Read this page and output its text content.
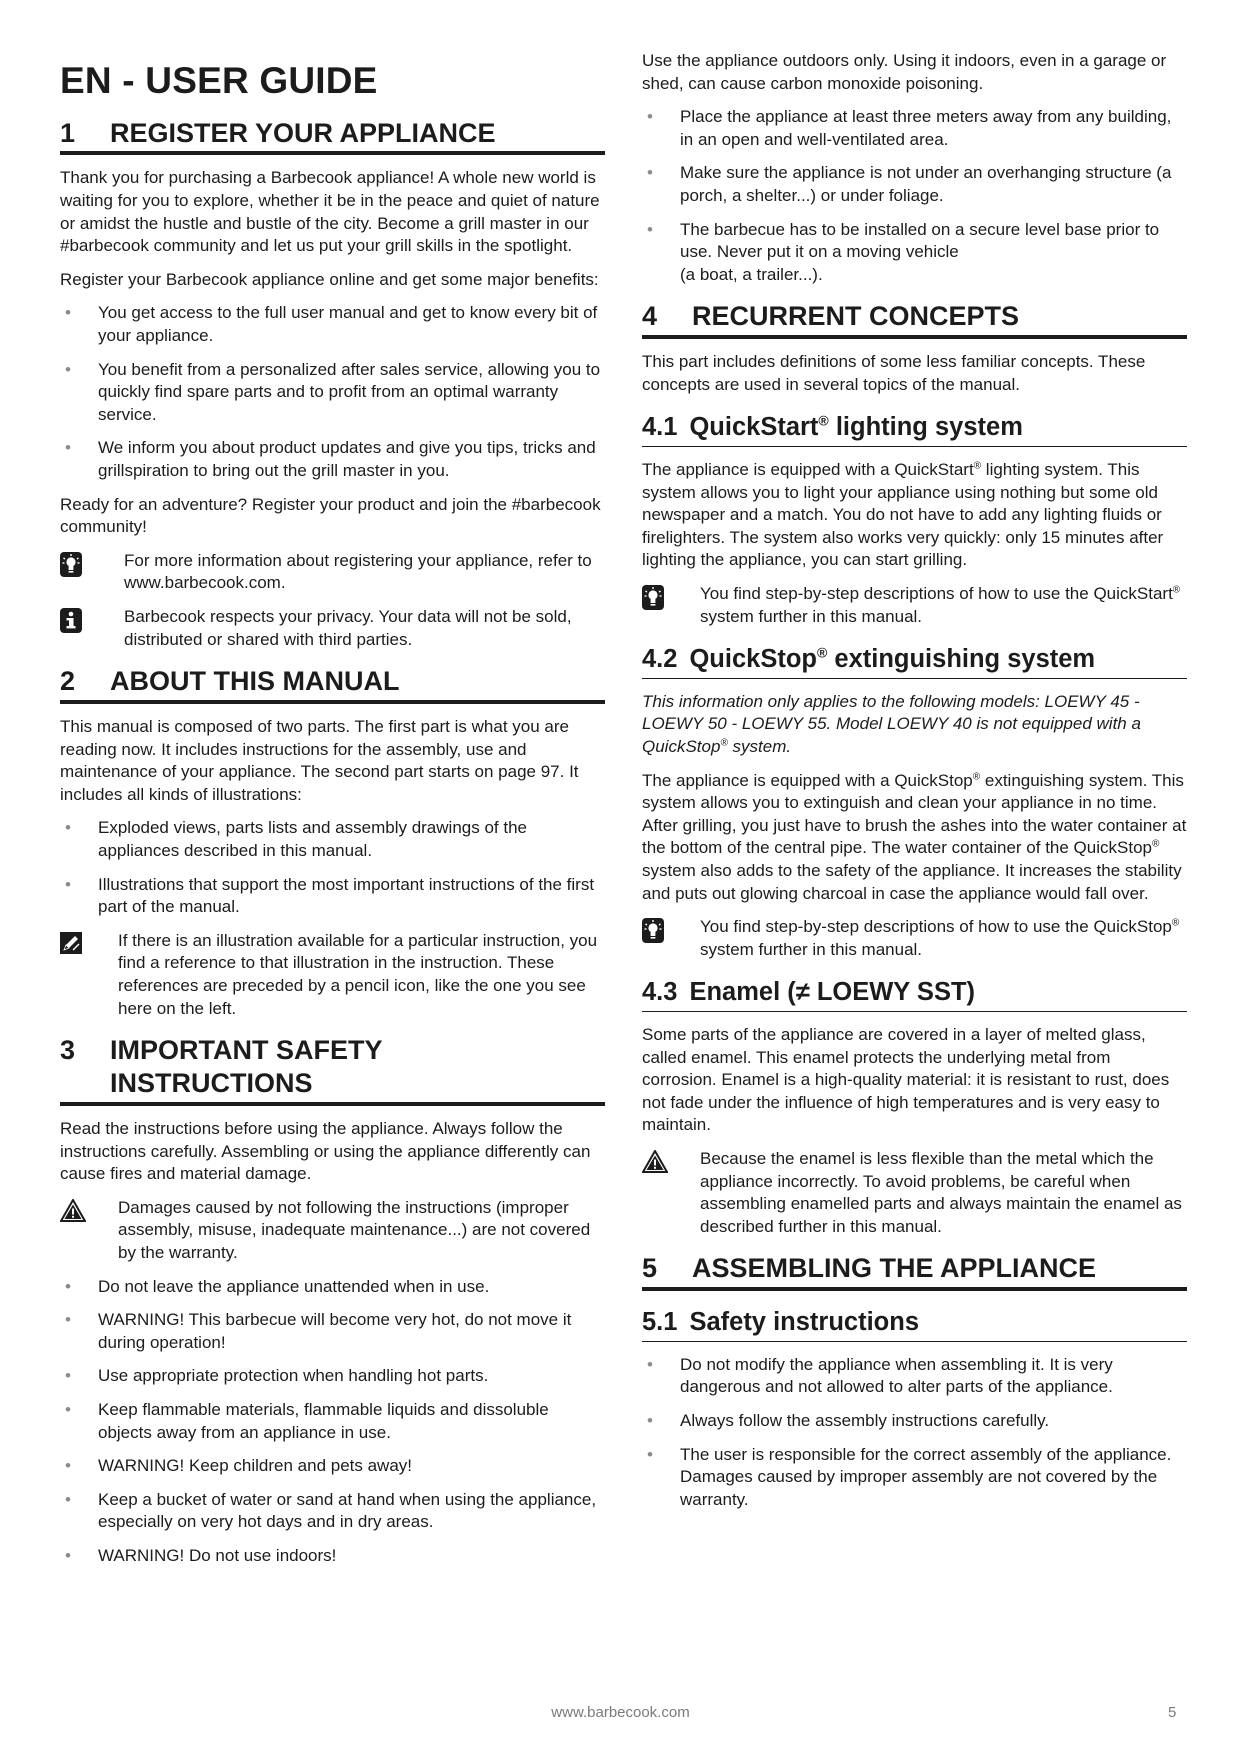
EN - USER GUIDE
1	REGISTER YOUR APPLIANCE

Thank you for purchasing a Barbecook appliance! A whole new world is waiting for you to explore, whether it be in the peace and quiet of nature or amidst the hustle and bustle of the city. Become a grill master in our #barbecook community and let us put your grill skills in the spotlight.

Register your Barbecook appliance online and get some major benefits:

• You get access to the full user manual and get to know every bit of your appliance.
• You benefit from a personalized after sales service, allowing you to quickly find spare parts and to profit from an optimal warranty service.
• We inform you about product updates and give you tips, tricks and grillspiration to bring out the grill master in you.

Ready for an adventure? Register your product and join the #barbecook community!

For more information about registering your appliance, refer to www.barbecook.com.
Barbecook respects your privacy. Your data will not be sold, distributed or shared with third parties.
2	ABOUT THIS MANUAL

This manual is composed of two parts. The first part is what you are reading now. It includes instructions for the assembly, use and maintenance of your appliance. The second part starts on page 97. It includes all kinds of illustrations:

• Exploded views, parts lists and assembly drawings of the appliances described in this manual.
• Illustrations that support the most important instructions of the first part of the manual.
If there is an illustration available for a particular instruction, you find a reference to that illustration in the instruction. These references are preceded by a pencil icon, like the one you see here on the left.
3	IMPORTANT SAFETY
INSTRUCTIONS

Read the instructions before using the appliance. Always follow the instructions carefully. Assembling or using the appliance differently can cause fires and material damage.

Damages caused by not following the instructions (improper assembly, misuse, inadequate maintenance...) are not covered by the warranty.
• Do not leave the appliance unattended when in use.
• WARNING! This barbecue will become very hot, do not move it during operation!
• Use appropriate protection when handling hot parts.
• Keep flammable materials, flammable liquids and dissoluble objects away from an appliance in use.
• WARNING! Keep children and pets away!
• Keep a bucket of water or sand at hand when using the appliance, especially on very hot days and in dry areas.
• WARNING! Do not use indoors!

Use the appliance outdoors only. Using it indoors, even in a garage or shed, can cause carbon monoxide poisoning.

• Place the appliance at least three meters away from any building, in an open and well-ventilated area.
• Make sure the appliance is not under an overhanging structure (a porch, a shelter...) or under foliage.
• The barbecue has to be installed on a secure level base prior to use. Never put it on a moving vehicle
(a boat, a trailer...).
4	RECURRENT CONCEPTS

This part includes definitions of some less familiar concepts. These concepts are used in several topics of the manual.

4.1 QuickStart® lighting system

The appliance is equipped with a QuickStart® lighting system. This system allows you to light your appliance using nothing but some old newspaper and a match. You do not have to add any lighting fluids or firelighters. The system also works very quickly: only 15 minutes after lighting the appliance, you can start grilling.

You find step-by-step descriptions of how to use the QuickStart® system further in this manual.
4.2 QuickStop® extinguishing system

This information only applies to the following models: LOEWY 45 - LOEWY 50 - LOEWY 55. Model LOEWY 40 is not equipped with a QuickStop® system.

The appliance is equipped with a QuickStop® extinguishing system. This system allows you to extinguish and clean your appliance in no time. After grilling, you just have to brush the ashes into the water container at the bottom of the central pipe. The water container of the QuickStop® system also adds to the safety of the appliance. It increases the stability and puts out glowing charcoal in case the appliance would fall over.

You find step-by-step descriptions of how to use the QuickStop® system further in this manual.
4.3 Enamel (≠ LOEWY SST)

Some parts of the appliance are covered in a layer of melted glass, called enamel. This enamel protects the underlying metal from corrosion. Enamel is a high-quality material: it is resistant to rust, does not fade under the influence of high temperatures and is very easy to maintain.

Because the enamel is less flexible than the metal which the appliance incorrectly. To avoid problems, be careful when assembling enamelled parts and always maintain the enamel as described further in this manual.
5	ASSEMBLING THE APPLIANCE
5.1 Safety instructions
• Do not modify the appliance when assembling it. It is very dangerous and not allowed to alter parts of the appliance.
• Always follow the assembly instructions carefully.
• The user is responsible for the correct assembly of the appliance. Damages caused by improper assembly are not covered by the warranty.
www.barbecook.com	5
